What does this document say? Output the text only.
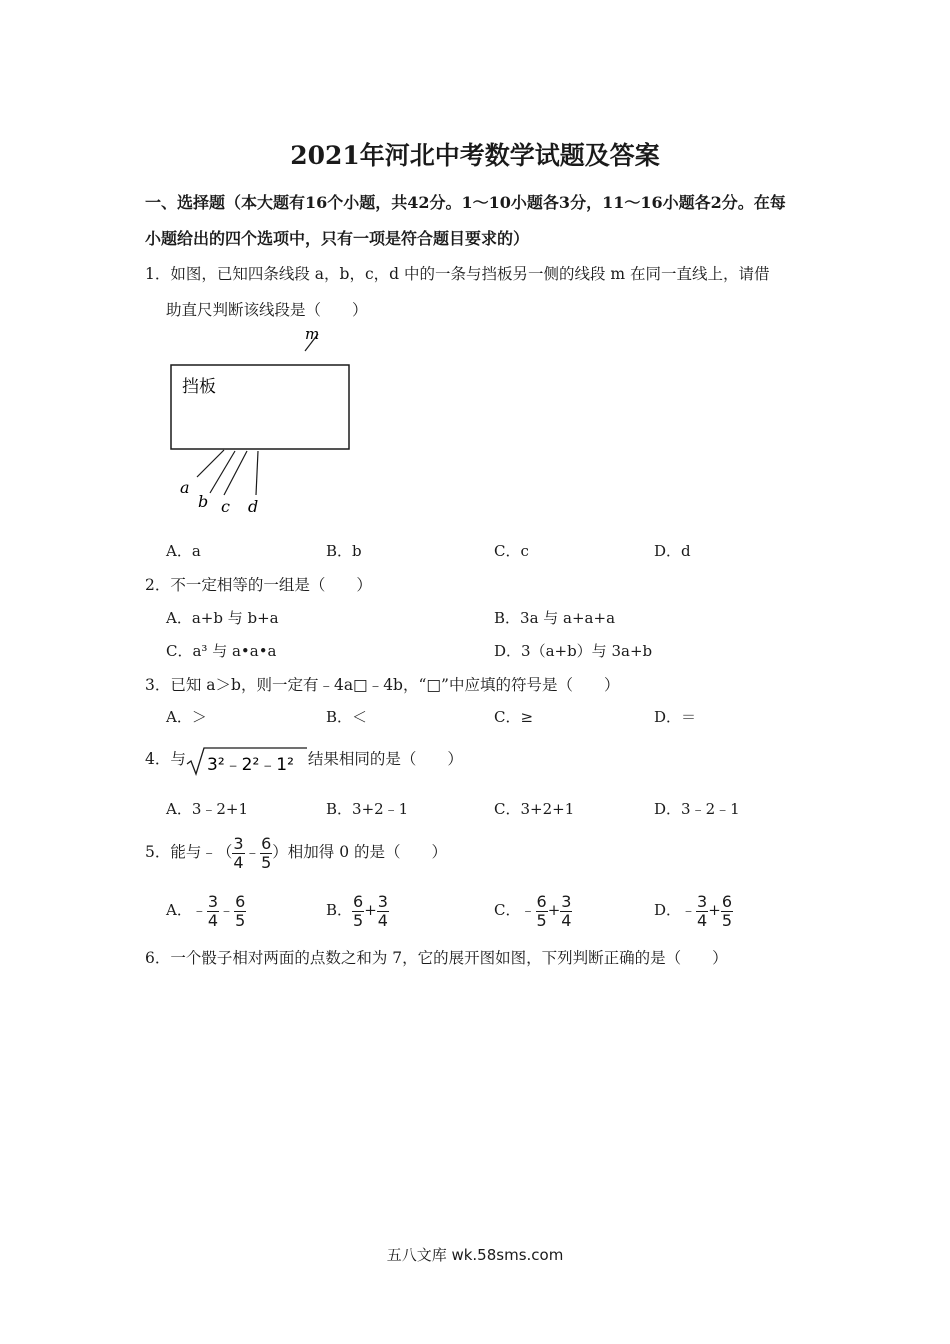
2021年河北中考数学试题及答案
一、选择题（本大题有16个小题，共42分。1～10小题各3分，11～16小题各2分。在每
小题给出的四个选项中，只有一项是符合题目要求的）
1．如图，已知四条线段 a，b，c，d 中的一条与挡板另一侧的线段 m 在同一直线上，请借
助直尺判断该线段是（　　）
挡板
m
a
b c d
A．a	B．b	C．c	D．d
2．不一定相等的一组是（　　）
A．a+b 与 b+a	B．3a 与 a+a+a
C．a³ 与 a•a•a	D．3（a+b）与 3a+b
3．已知 a＞b，则一定有﹣4a□﹣4b，“□”中应填的符号是（　　）
A．＞	B．＜	C．≥	D．＝
4．与 3²﹣2²﹣1² 结果相同的是（　　）
A．3﹣2+1	B．3+2﹣1	C．3+2+1	D．3﹣2﹣1
5．能与﹣（ $\frac{3}{4}$ ﹣ $\frac{6}{5}$ ）相加得 0 的是（　　）
A．﹣ $\frac{3}{4}$ ﹣ $\frac{6}{5}$	B． $\frac{6}{5} + \frac{3}{4}$	C．﹣ $\frac{6}{5} + \frac{3}{4}$	D．﹣ $\frac{3}{4} + \frac{6}{5}$
6．一个骰子相对两面的点数之和为 7，它的展开图如图，下列判断正确的是（　　）
五八文库 wk.58sms.com
